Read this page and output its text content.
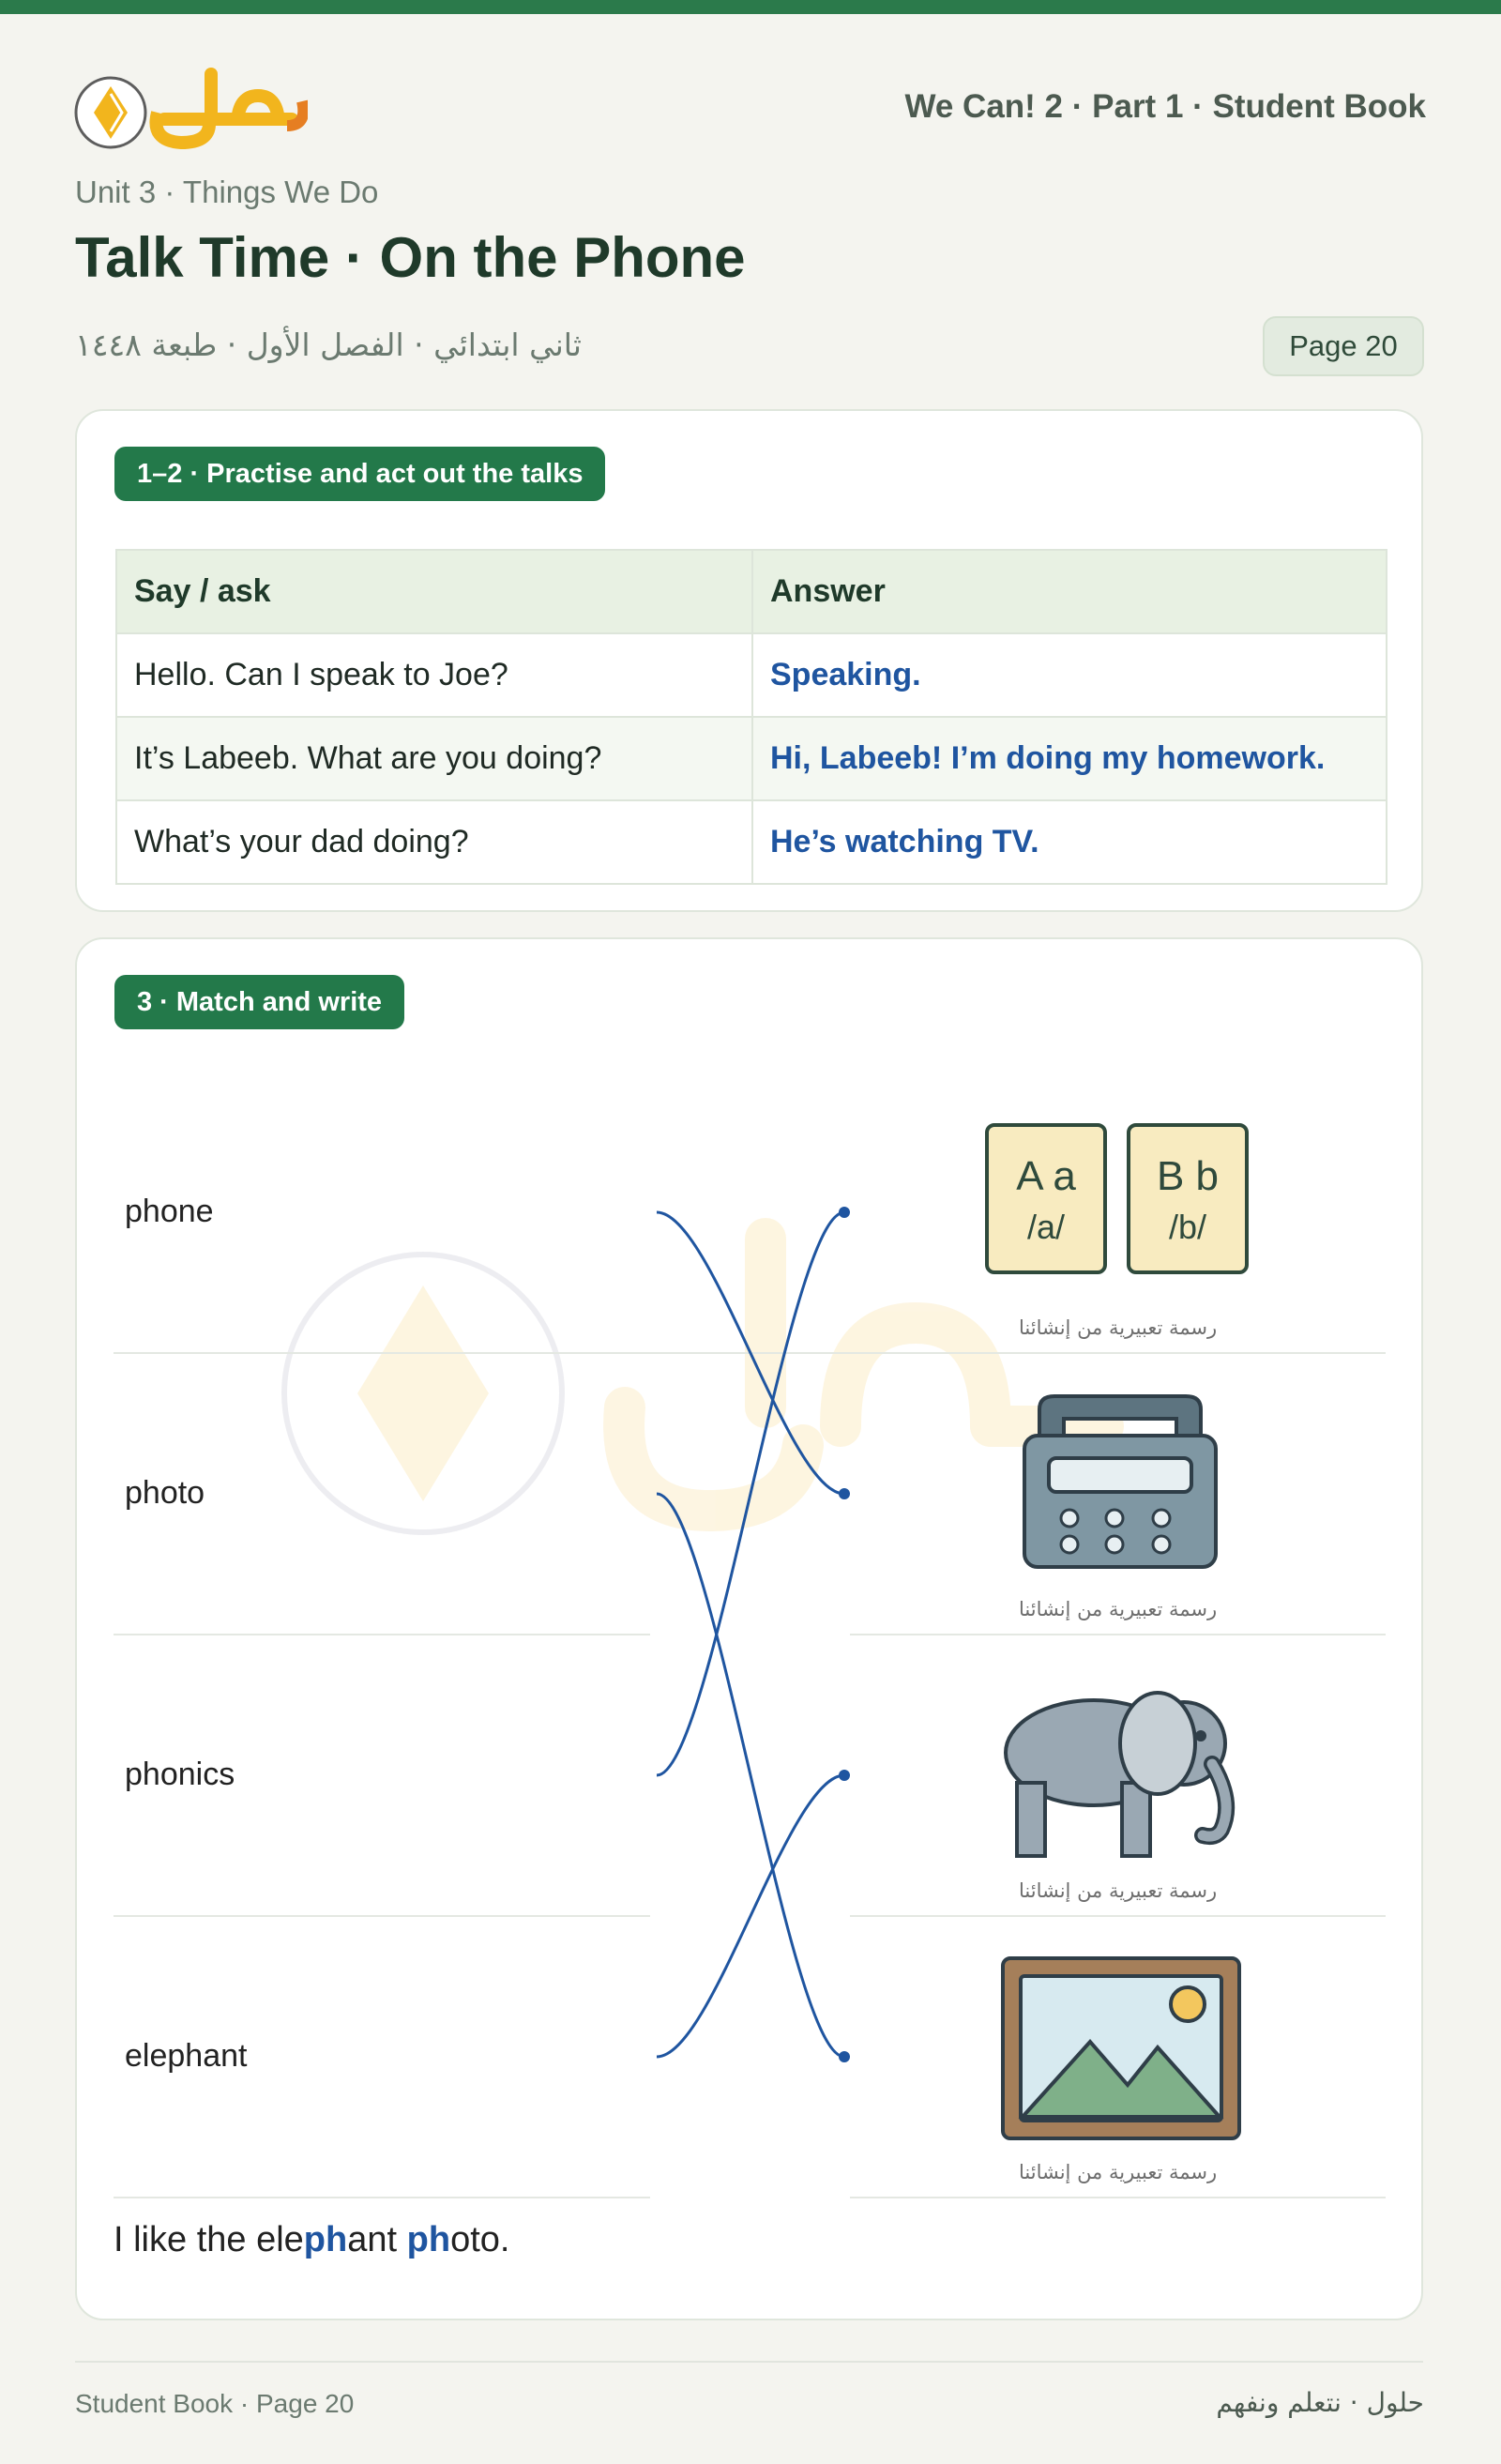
We Can! 2 · Part 1 · Student Book
Unit 3 · Things We Do
Talk Time · On the Phone
ثاني ابتدائي · الفصل الأول · طبعة ١٤٤٨	Page 20
1–2 · Practise and act out the talks
Say / ask	Answer
Hello. Can I speak to Joe?	Speaking.
It’s Labeeb. What are you doing?	Hi, Labeeb! I’m doing my homework.
What’s your dad doing?	He’s watching TV.
3 · Match and write
phone
photo
phonics
elephant
A a
/a/
B b
/b/
رسمة تعبيرية من إنشائنا
رسمة تعبيرية من إنشائنا
رسمة تعبيرية من إنشائنا
رسمة تعبيرية من إنشائنا
I like the elephant photo.
Student Book · Page 20	حلول · نتعلم ونفهم
